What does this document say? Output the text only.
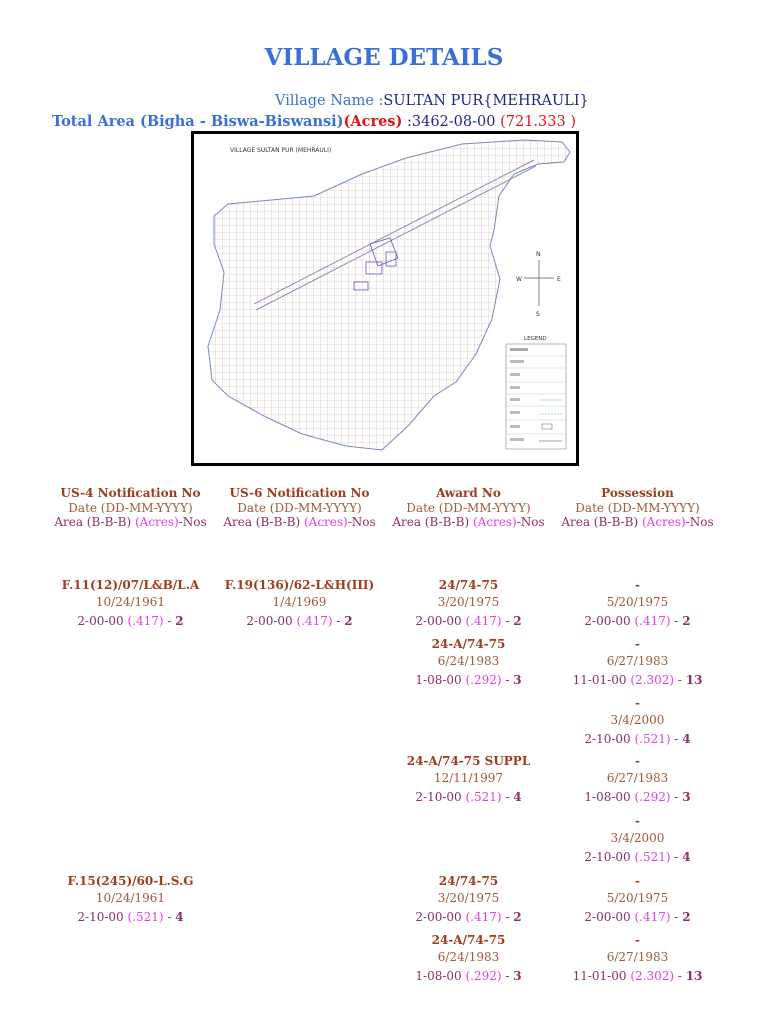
VILLAGE DETAILS
Village Name :SULTAN PUR{MEHRAULI}
Total Area (Bigha - Biswa-Biswansi)(Acres) :3462-08-00 (721.333 )
VILLAGE SULTAN PUR (MEHRAULI)
N
S
E
W
LEGEND
US-4 Notification No
Date (DD-MM-YYYY)
Area (B-B-B) (Acres)-Nos
US-6 Notification No
Date (DD-MM-YYYY)
Area (B-B-B) (Acres)-Nos
Award No
Date (DD-MM-YYYY)
Area (B-B-B) (Acres)-Nos
Possession
Date (DD-MM-YYYY)
Area (B-B-B) (Acres)-Nos
F.11(12)/07/L&B/L.A
10/24/1961
2-00-00 (.417) - 2
F.15(245)/60-L.S.G
10/24/1961
2-10-00 (.521) - 4
F.19(136)/62-L&H(III)
1/4/1969
2-00-00 (.417) - 2
24/74-75
3/20/1975
2-00-00 (.417) - 2
24-A/74-75
6/24/1983
1-08-00 (.292) - 3
24-A/74-75 SUPPL
12/11/1997
2-10-00 (.521) - 4
24/74-75
3/20/1975
2-00-00 (.417) - 2
24-A/74-75
6/24/1983
1-08-00 (.292) - 3
-
5/20/1975
2-00-00 (.417) - 2
-
6/27/1983
11-01-00 (2.302) - 13
-
3/4/2000
2-10-00 (.521) - 4
-
6/27/1983
1-08-00 (.292) - 3
-
3/4/2000
2-10-00 (.521) - 4
-
5/20/1975
2-00-00 (.417) - 2
-
6/27/1983
11-01-00 (2.302) - 13
